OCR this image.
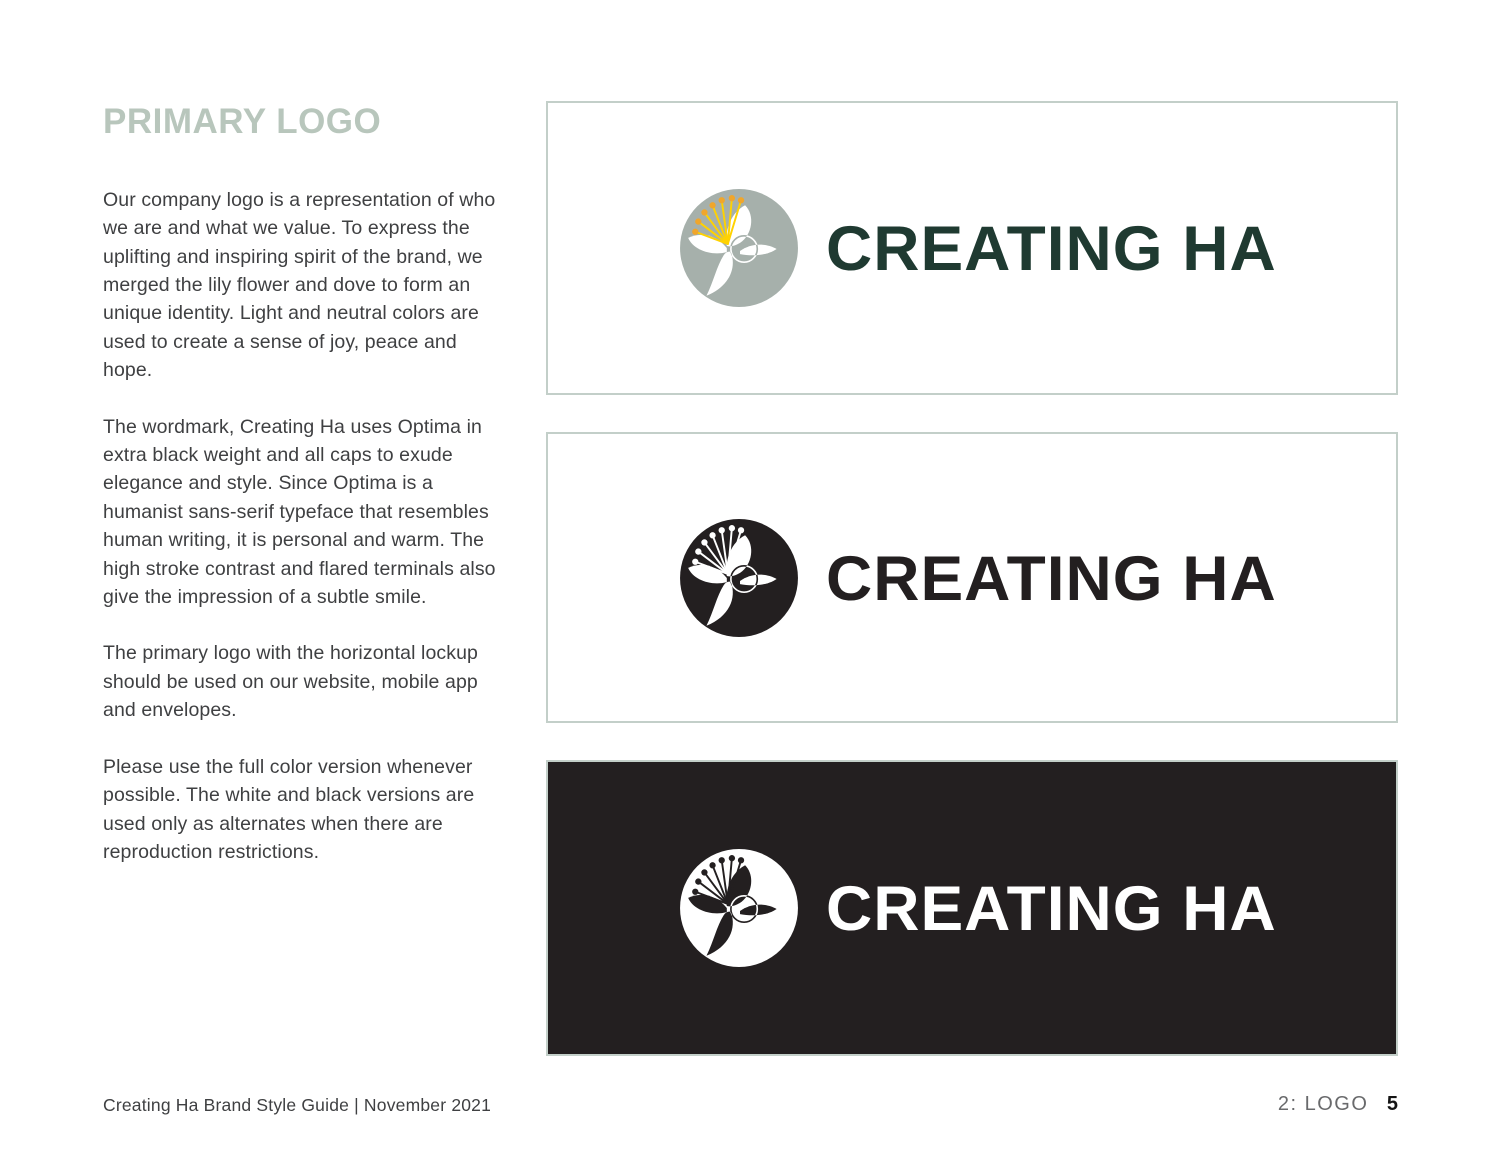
PRIMARY LOGO

Our company logo is a representation of who we are and what we value. To express the uplifting and inspiring spirit of the brand, we merged the lily flower and dove to form an unique identity. Light and neutral colors are used to create a sense of joy, peace and hope.

The wordmark, Creating Ha uses Optima in extra black weight and all caps to exude elegance and style. Since Optima is a humanist sans-serif typeface that resembles human writing, it is personal and warm. The high stroke contrast and flared terminals also give the impression of a subtle smile.

The primary logo with the horizontal lockup should be used on our website, mobile app and envelopes.

Please use the full color version whenever possible. The white and black versions are used only as alternates when there are reproduction restrictions.

CREATING HA
CREATING HA
CREATING HA
Creating Ha Brand Style Guide | November 2021	2: LOGO 5
